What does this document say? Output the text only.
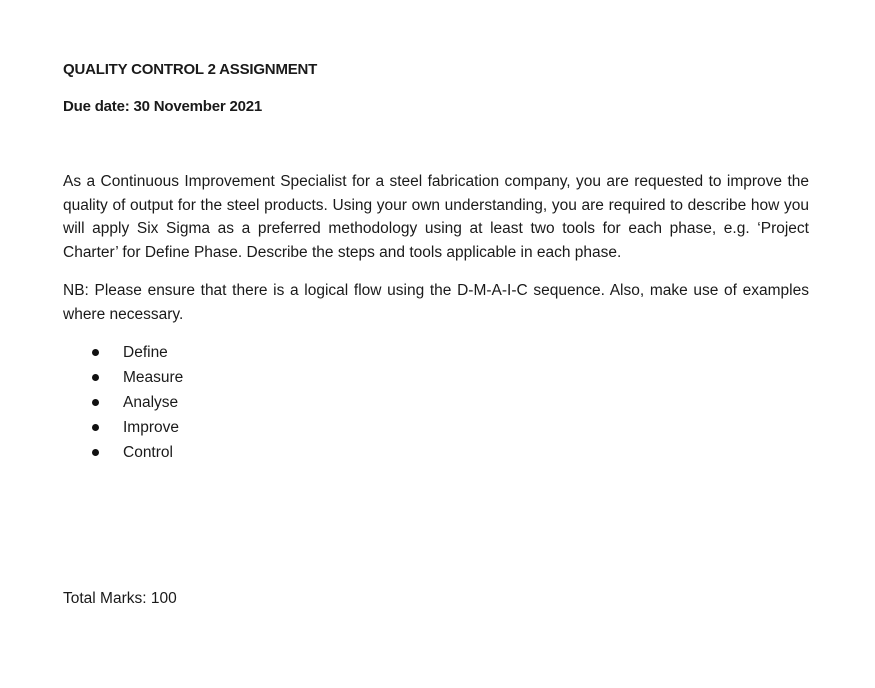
QUALITY CONTROL 2 ASSIGNMENT
Due date: 30 November 2021

As a Continuous Improvement Specialist for a steel fabrication company, you are requested to improve the quality of output for the steel products. Using your own understanding, you are required to describe how you will apply Six Sigma as a preferred methodology using at least two tools for each phase, e.g. ‘Project Charter’ for Define Phase. Describe the steps and tools applicable in each phase.

NB: Please ensure that there is a logical flow using the D-M-A-I-C sequence. Also, make use of examples where necessary.

Define
Measure
Analyse
Improve
Control
Total Marks: 100
